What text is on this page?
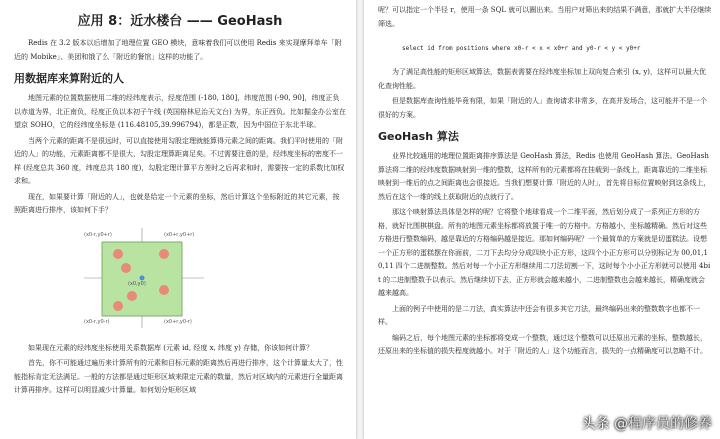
应用 8：近水楼台 —— GeoHash

Redis 在 3.2 版本以后增加了地理位置 GEO 模块，意味着我们可以使用 Redis 来实现摩拜单车「附近的 Mobike」、美团和饿了么「附近的餐馆」这样的功能了。

用数据库来算附近的人

地图元素的位置数据使用二维的经纬度表示，经度范围 (-180, 180]，纬度范围 (-90, 90]，纬度正负以赤道为界，北正南负，经度正负以本初子午线 (英国格林尼治天文台) 为界，东正西负。比如掘金办公室在望京 SOHO，它的经纬度坐标是 (116.48105,39.996794)，都是正数，因为中国位于东北半球。

当两个元素的距离不是很远时，可以直接使用勾股定理就能算得元素之间的距离。我们平时使用的「附近的人」的功能，元素距离都不是很大，勾股定理算距离足矣。不过需要注意的是，经纬度坐标的密度不一样 (经度总共 360 度，纬度总共 180 度)，勾股定理计算平方差时之后再求和时，需要按一定的系数比加权求和。

现在，如果要计算「附近的人」，也就是给定一个元素的坐标，然后计算这个坐标附近的其它元素，按照距离进行排序，该如何下手？

(x0-r,y0+r)	(x0+r,y0+r)
(x0-r,y0-r)	(x0+r,y0-r)
(x0,y0)

如果现在元素的经纬度坐标使用关系数据库 (元素 id, 经度 x, 纬度 y) 存储，你该如何计算？

首先，你不可能通过遍历来计算所有的元素和目标元素的距离然后再进行排序，这个计算量太大了，性能指标肯定无法满足。一般的方法都是通过矩形区域来限定元素的数量，然后对区域内的元素进行全量距离计算再排序。这样可以明显减少计算量。如何划分矩形区域

呢？可以指定一个半径 r，使用一条 SQL 就可以圈出来。当用户对筛出来的结果不满意，那就扩大半径继续筛选。

select id from positions where x0-r < x < x0+r and y0-r < y < y0+r

为了满足高性能的矩形区域算法，数据表需要在经纬度坐标加上双向复合索引 (x, y)，这样可以最大优化查询性能。

但是数据库查询性能毕竟有限，如果「附近的人」查询请求非常多，在高并发场合，这可能并不是一个很好的方案。

GeoHash 算法

业界比较通用的地理位置距离排序算法是 GeoHash 算法，Redis 也使用 GeoHash 算法。GeoHash 算法将二维的经纬度数据映射到一维的整数，这样所有的元素都将在挂载到一条线上，距离靠近的二维坐标映射到一维后的点之间距离也会很接近。当我们想要计算「附近的人时」，首先将目标位置映射到这条线上，然后在这个一维的线上获取附近的点就行了。

那这个映射算法具体是怎样的呢？它将整个地球看成一个二维平面，然后划分成了一系列正方形的方格，就好比围棋棋盘。所有的地图元素坐标都将放置于唯一的方格中。方格越小，坐标越精确。然后对这些方格进行整数编码，越是靠近的方格编码越是接近。那如何编码呢？一个最简单的方案就是切蛋糕法。设想一个正方形的蛋糕摆在你面前，二刀下去均分分成四块小正方形，这四个小正方形可以分别标记为 00,01,10,11 四个二进制整数。然后对每一个小正方形继续用二刀法切割一下，这时每个小小正方形就可以使用 4bit 的二进制整数予以表示。然后继续切下去，正方形就会越来越小，二进制整数也会越来越长，精确度就会越来越高。

上面的例子中使用的是二刀法，真实算法中还会有很多其它刀法，最终编码出来的整数数字也都不一样。

编码之后，每个地图元素的坐标都将变成一个整数，通过这个整数可以还原出元素的坐标，整数越长，还原出来的坐标值的损失程度就越小。对于「附近的人」这个功能而言，损失的一点精确度可以忽略不计。

头条 @程序员的修养
